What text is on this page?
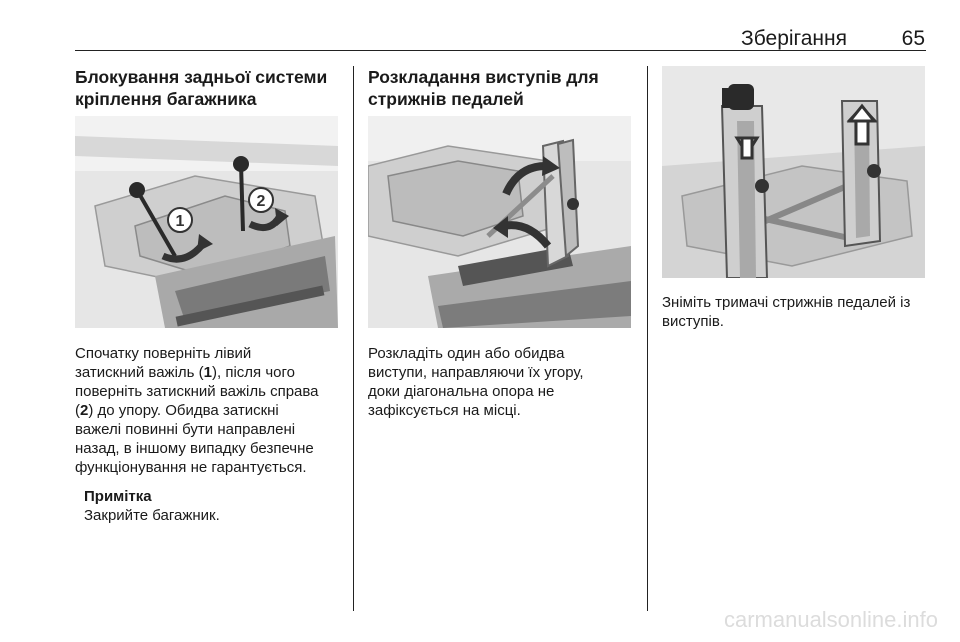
Зберігання	65

Блокування задньої системи
кріплення багажника

1
2

Спочатку поверніть лівий
затискний важіль (1), після чого
поверніть затискний важіль справа
(2) до упору. Обидва затискні
важелі повинні бути направлені
назад, в іншому випадку безпечне
функціонування не гарантується.

Примітка

Закрийте багажник.

Розкладання виступів для
стрижнів педалей

Розкладіть один або обидва
виступи, направляючи їх угору,
доки діагональна опора не
зафіксується на місці.

Зніміть тримачі стрижнів педалей із
виступів.

carmanualsonline.info
